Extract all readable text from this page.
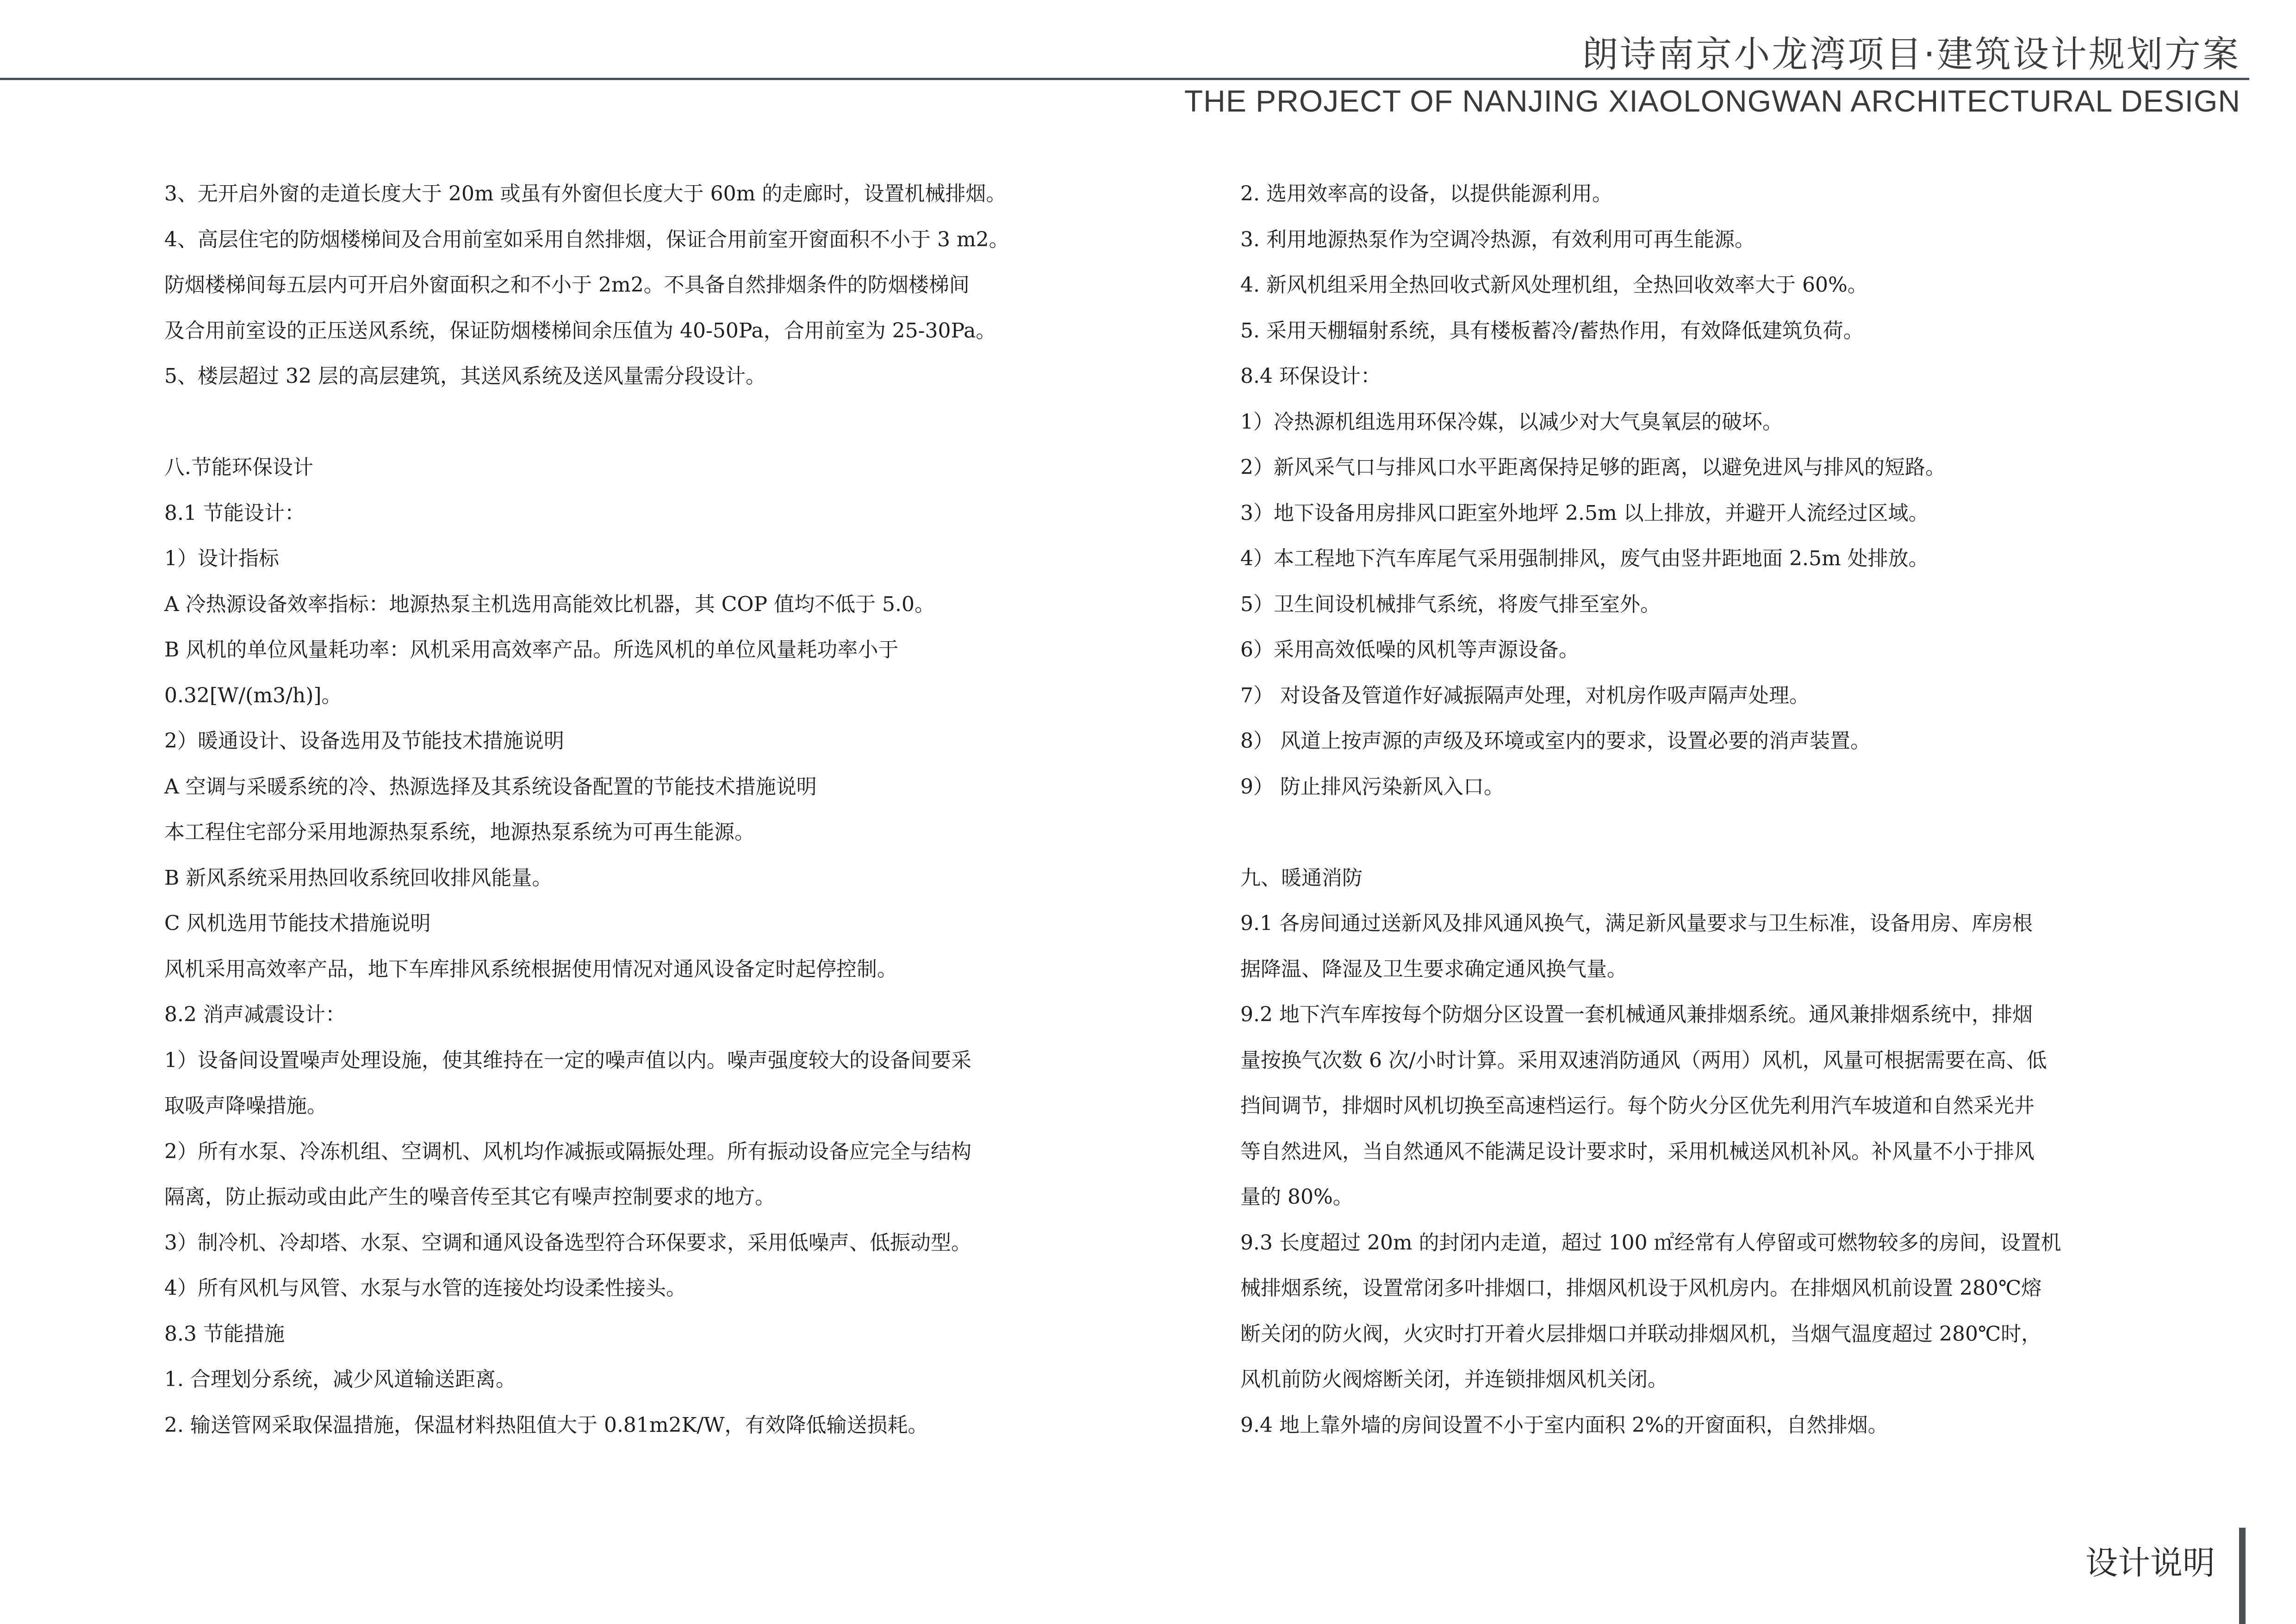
朗诗南京小龙湾项目·建筑设计规划方案
THE PROJECT OF NANJING XIAOLONGWAN ARCHITECTURAL DESIGN
3、无开启外窗的走道长度大于 20m 或虽有外窗但长度大于 60m 的走廊时，设置机械排烟。
4、高层住宅的防烟楼梯间及合用前室如采用自然排烟，保证合用前室开窗面积不小于 3 m2。
防烟楼梯间每五层内可开启外窗面积之和不小于 2m2。不具备自然排烟条件的防烟楼梯间
及合用前室设的正压送风系统，保证防烟楼梯间余压值为 40-50Pa，合用前室为 25-30Pa。
5、楼层超过 32 层的高层建筑，其送风系统及送风量需分段设计。
八.节能环保设计
8.1 节能设计：
1）设计指标
A 冷热源设备效率指标：地源热泵主机选用高能效比机器，其 COP 值均不低于 5.0。
B 风机的单位风量耗功率：风机采用高效率产品。所选风机的单位风量耗功率小于
0.32[W/(m3/h)]。
2）暖通设计、设备选用及节能技术措施说明
A 空调与采暖系统的冷、热源选择及其系统设备配置的节能技术措施说明
本工程住宅部分采用地源热泵系统，地源热泵系统为可再生能源。
B 新风系统采用热回收系统回收排风能量。
C 风机选用节能技术措施说明
风机采用高效率产品，地下车库排风系统根据使用情况对通风设备定时起停控制。
8.2 消声减震设计：
1）设备间设置噪声处理设施，使其维持在一定的噪声值以内。噪声强度较大的设备间要采
取吸声降噪措施。
2）所有水泵、冷冻机组、空调机、风机均作减振或隔振处理。所有振动设备应完全与结构
隔离，防止振动或由此产生的噪音传至其它有噪声控制要求的地方。
3）制冷机、冷却塔、水泵、空调和通风设备选型符合环保要求，采用低噪声、低振动型。
4）所有风机与风管、水泵与水管的连接处均设柔性接头。
8.3 节能措施
1. 合理划分系统，减少风道输送距离。
2. 输送管网采取保温措施，保温材料热阻值大于 0.81m2K/W，有效降低输送损耗。
2. 选用效率高的设备，以提供能源利用。
3. 利用地源热泵作为空调冷热源，有效利用可再生能源。
4. 新风机组采用全热回收式新风处理机组，全热回收效率大于 60%。
5. 采用天棚辐射系统，具有楼板蓄冷/蓄热作用，有效降低建筑负荷。
8.4 环保设计：
1）冷热源机组选用环保冷媒，以减少对大气臭氧层的破坏。
2）新风采气口与排风口水平距离保持足够的距离，以避免进风与排风的短路。
3）地下设备用房排风口距室外地坪 2.5m 以上排放，并避开人流经过区域。
4）本工程地下汽车库尾气采用强制排风，废气由竖井距地面 2.5m 处排放。
5）卫生间设机械排气系统，将废气排至室外。
6）采用高效低噪的风机等声源设备。
7） 对设备及管道作好减振隔声处理，对机房作吸声隔声处理。
8） 风道上按声源的声级及环境或室内的要求，设置必要的消声装置。
9） 防止排风污染新风入口。
九、暖通消防
9.1 各房间通过送新风及排风通风换气，满足新风量要求与卫生标准，设备用房、库房根
据降温、降湿及卫生要求确定通风换气量。
9.2 地下汽车库按每个防烟分区设置一套机械通风兼排烟系统。通风兼排烟系统中，排烟
量按换气次数 6 次/小时计算。采用双速消防通风（两用）风机，风量可根据需要在高、低
挡间调节，排烟时风机切换至高速档运行。每个防火分区优先利用汽车坡道和自然采光井
等自然进风，当自然通风不能满足设计要求时，采用机械送风机补风。补风量不小于排风
量的 80%。
9.3 长度超过 20m 的封闭内走道，超过 100 ㎡经常有人停留或可燃物较多的房间，设置机
械排烟系统，设置常闭多叶排烟口，排烟风机设于风机房内。在排烟风机前设置 280℃熔
断关闭的防火阀，火灾时打开着火层排烟口并联动排烟风机，当烟气温度超过 280℃时，
风机前防火阀熔断关闭，并连锁排烟风机关闭。
9.4 地上靠外墙的房间设置不小于室内面积 2%的开窗面积，自然排烟。
设计说明
